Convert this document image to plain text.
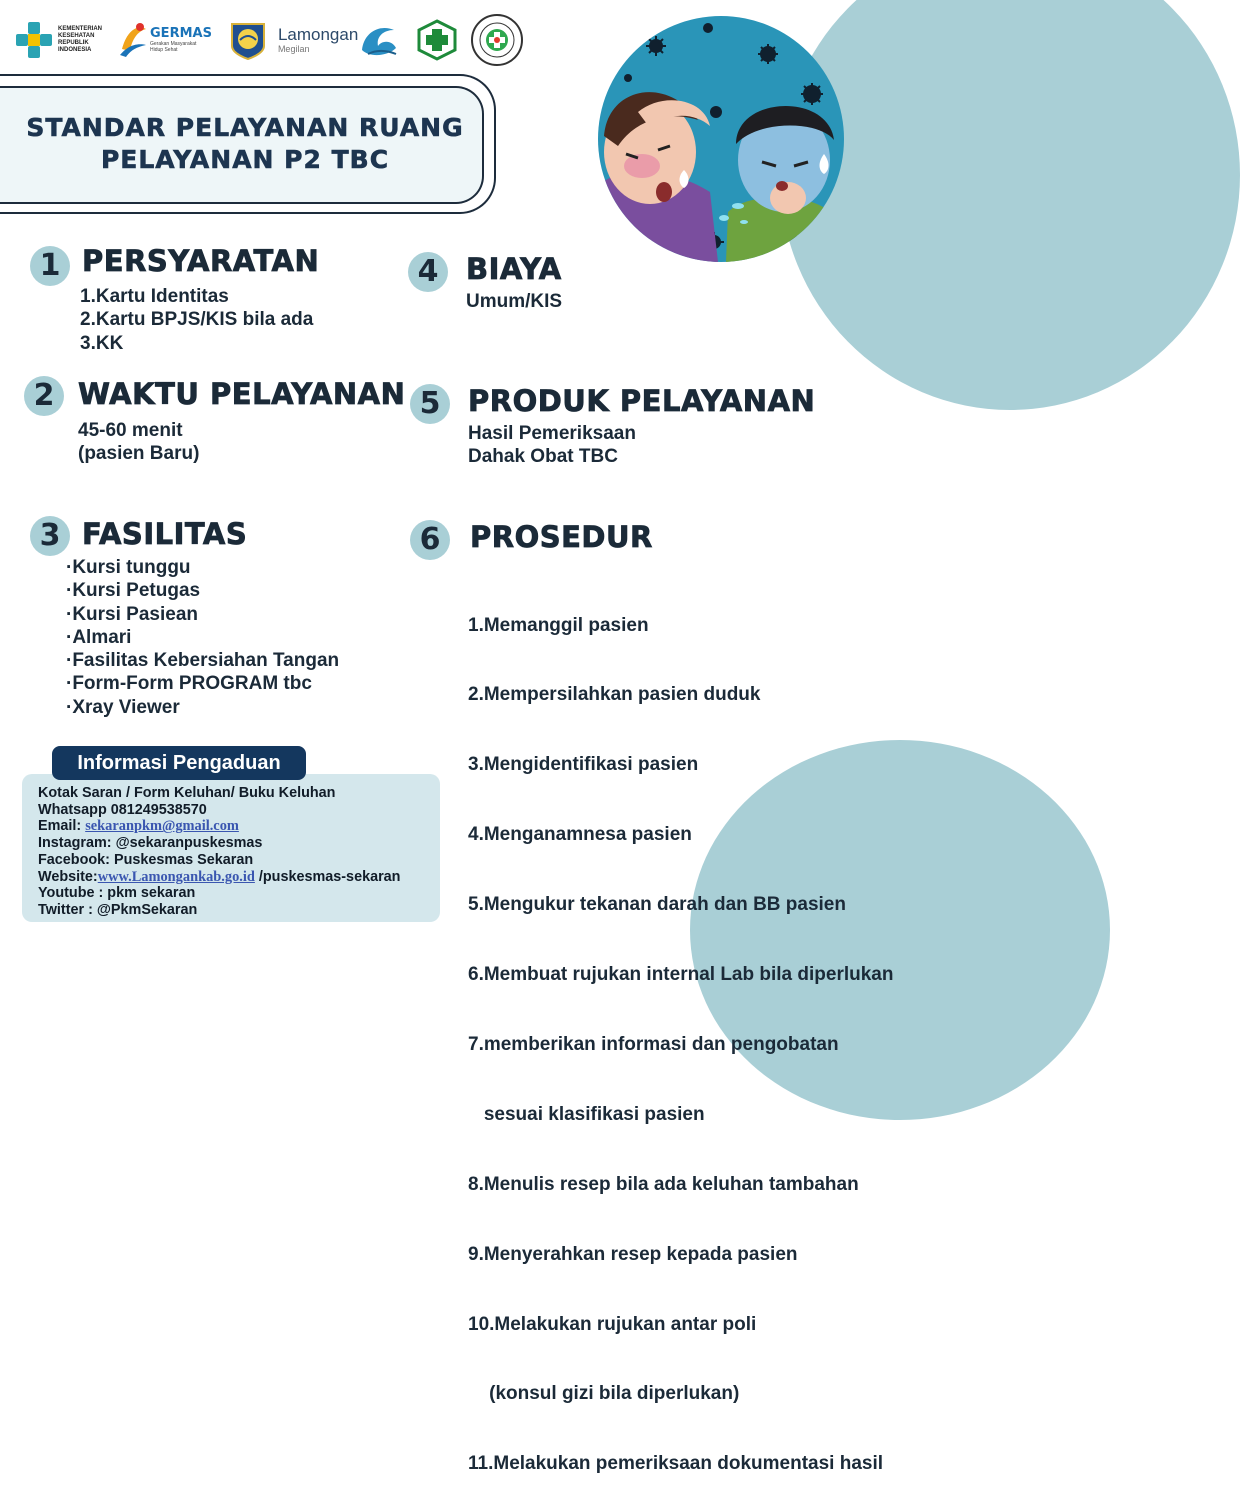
KEMENTERIAN
KESEHATAN
REPUBLIK
INDONESIA
GERMAS
Gerakan Masyarakat
Hidup Sehat
Lamongan
Megilan
STANDAR PELAYANAN RUANG
PELAYANAN P2 TBC
1 PERSYARATAN
1.Kartu Identitas
2.Kartu BPJS/KIS bila ada
3.KK
2 WAKTU PELAYANAN
45-60 menit
(pasien Baru)
3 FASILITAS
·Kursi tunggu
·Kursi Petugas
·Kursi Pasiean
·Almari
·Fasilitas Kebersiahan Tangan
·Form-Form PROGRAM tbc
·Xray Viewer
4 BIAYA
Umum/KIS
5 PRODUK PELAYANAN
Hasil Pemeriksaan
Dahak Obat TBC
6	PROSEDUR

1.Memanggil pasien

2.Mempersilahkan pasien duduk

3.Mengidentifikasi pasien

4.Menganamnesa pasien

5.Mengukur tekanan darah dan BB pasien

6.Membuat rujukan internal Lab bila diperlukan

7.memberikan informasi dan pengobatan

sesuai klasifikasi pasien

8.Menulis resep bila ada keluhan tambahan

9.Menyerahkan resep kepada pasien

10.Melakukan rujukan antar poli

(konsul gizi bila diperlukan)

11.Melakukan pemeriksaan dokumentasi hasil

Informasi Pengaduan
Kotak Saran / Form Keluhan/ Buku Keluhan
Whatsapp 081249538570
Email: sekaranpkm@gmail.com
Instagram: @sekaranpuskesmas
Facebook: Puskesmas Sekaran
Website:www.Lamongankab.go.id /puskesmas-sekaran
Youtube : pkm sekaran
Twitter : @PkmSekaran
